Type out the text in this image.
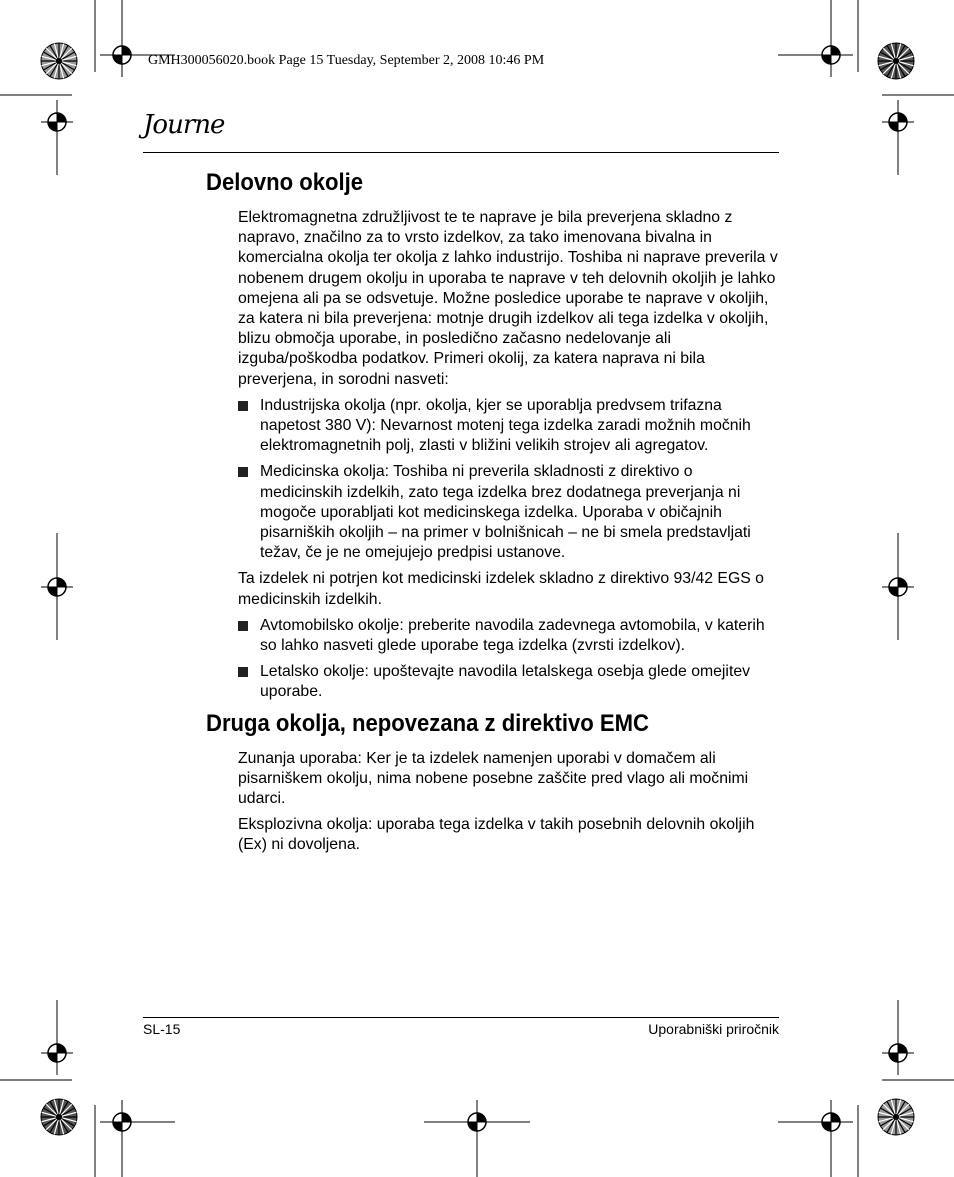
GMH300056020.book Page 15 Tuesday, September 2, 2008 10:46 PM
Journe
Delovno okolje

Elektromagnetna združljivost te te naprave je bila preverjena skladno z napravo, značilno za to vrsto izdelkov, za tako imenovana bivalna in komercialna okolja ter okolja z lahko industrijo. Toshiba ni naprave preverila v nobenem drugem okolju in uporaba te naprave v teh delovnih okoljih je lahko omejena ali pa se odsvetuje. Možne posledice uporabe te naprave v okoljih, za katera ni bila preverjena: motnje drugih izdelkov ali tega izdelka v okoljih, blizu območja uporabe, in posledično začasno nedelovanje ali izguba/poškodba podatkov. Primeri okolij, za katera naprava ni bila preverjena, in sorodni nasveti:

Industrijska okolja (npr. okolja, kjer se uporablja predvsem trifazna napetost 380 V): Nevarnost motenj tega izdelka zaradi možnih močnih elektromagnetnih polj, zlasti v bližini velikih strojev ali agregatov.
Medicinska okolja: Toshiba ni preverila skladnosti z direktivo o medicinskih izdelkih, zato tega izdelka brez dodatnega preverjanja ni mogoče uporabljati kot medicinskega izdelka. Uporaba v običajnih pisarniških okoljih – na primer v bolnišnicah – ne bi smela predstavljati težav, če je ne omejujejo predpisi ustanove.

Ta izdelek ni potrjen kot medicinski izdelek skladno z direktivo 93/42 EGS o medicinskih izdelkih.

Avtomobilsko okolje: preberite navodila zadevnega avtomobila, v katerih so lahko nasveti glede uporabe tega izdelka (zvrsti izdelkov).
Letalsko okolje: upoštevajte navodila letalskega osebja glede omejitev uporabe.
Druga okolja, nepovezana z direktivo EMC

Zunanja uporaba: Ker je ta izdelek namenjen uporabi v domačem ali pisarniškem okolju, nima nobene posebne zaščite pred vlago ali močnimi udarci.

Eksplozivna okolja: uporaba tega izdelka v takih posebnih delovnih okoljih (Ex) ni dovoljena.

SL-15	Uporabniški priročnik
